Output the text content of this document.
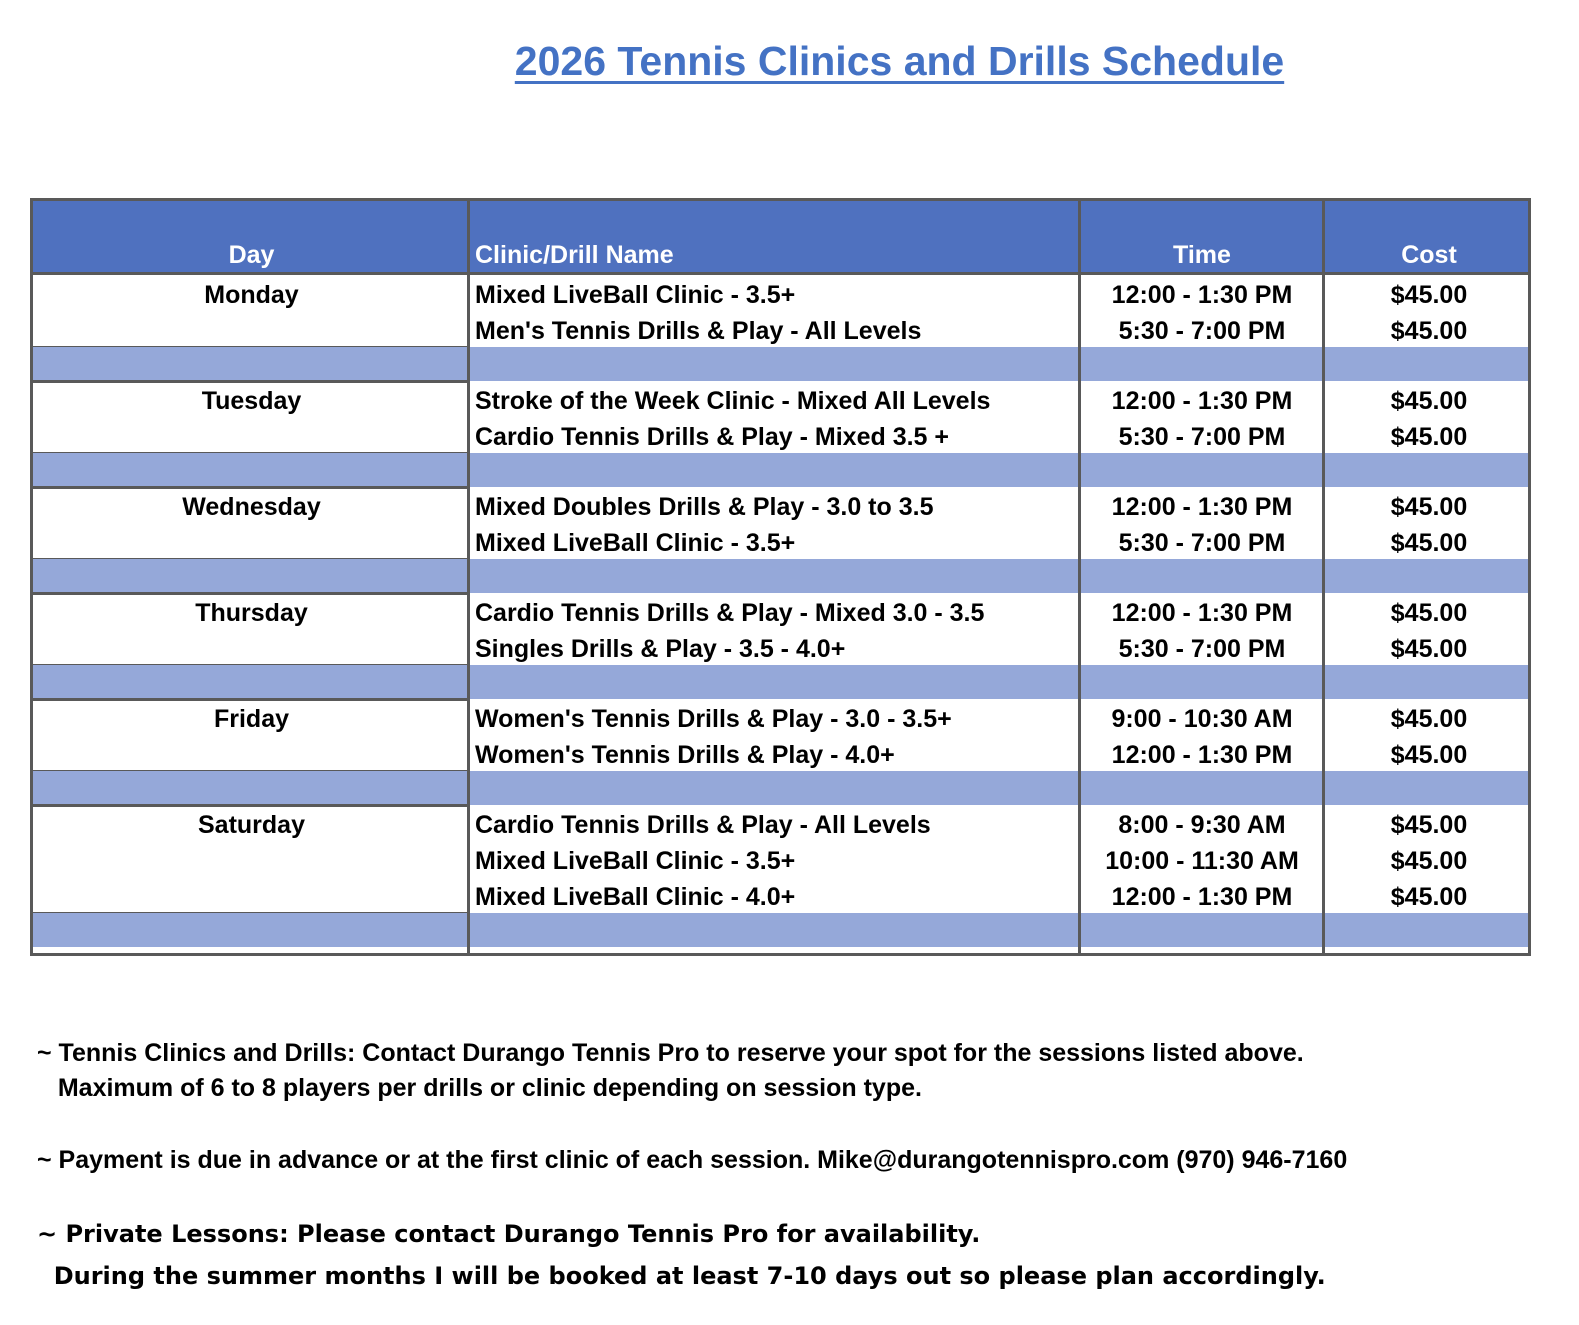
2026 Tennis Clinics and Drills Schedule
Day	Clinic/Drill Name	Time	Cost
Monday	Mixed LiveBall Clinic - 3.5+	12:00 - 1:30 PM	$45.00
Men's Tennis Drills & Play - All Levels	5:30 - 7:00 PM	$45.00
Tuesday	Stroke of the Week Clinic - Mixed All Levels	12:00 - 1:30 PM	$45.00
Cardio Tennis Drills & Play - Mixed 3.5 +	5:30 - 7:00 PM	$45.00
Wednesday	Mixed Doubles Drills & Play - 3.0 to 3.5	12:00 - 1:30 PM	$45.00
Mixed LiveBall Clinic - 3.5+	5:30 - 7:00 PM	$45.00
Thursday	Cardio Tennis Drills & Play - Mixed 3.0 - 3.5	12:00 - 1:30 PM	$45.00
Singles Drills & Play - 3.5 - 4.0+	5:30 - 7:00 PM	$45.00
Friday	Women's Tennis Drills & Play - 3.0 - 3.5+	9:00 - 10:30 AM	$45.00
Women's Tennis Drills & Play - 4.0+	12:00 - 1:30 PM	$45.00
Saturday	Cardio Tennis Drills & Play - All Levels	8:00 - 9:30 AM	$45.00
Mixed LiveBall Clinic - 3.5+	10:00 - 11:30 AM	$45.00
Mixed LiveBall Clinic - 4.0+	12:00 - 1:30 PM	$45.00
~ Tennis Clinics and Drills: Contact Durango Tennis Pro to reserve your spot for the sessions listed above.
Maximum of 6 to 8 players per drills or clinic depending on session type.
~ Payment is due in advance or at the first clinic of each session. Mike@durangotennispro.com (970) 946-7160
~ Private Lessons: Please contact Durango Tennis Pro for availability.
During the summer months I will be booked at least 7-10 days out so please plan accordingly.
